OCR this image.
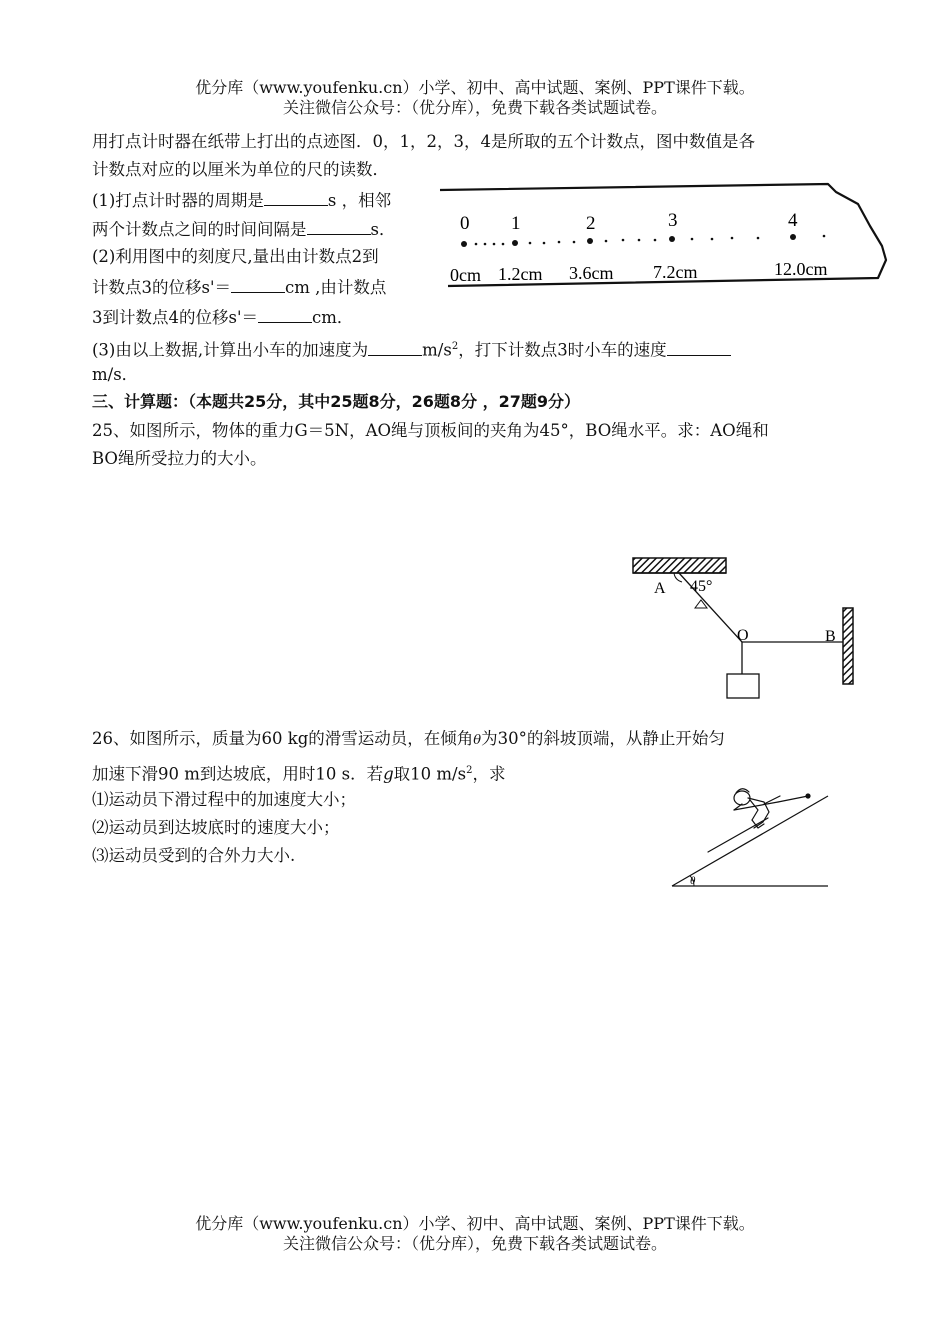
优分库（www.youfenku.cn）小学、初中、高中试题、案例、PPT课件下载。
关注微信公众号：（优分库），免费下载各类试题试卷。
用打点计时器在纸带上打出的点迹图．0，1，2，3，4是所取的五个计数点，图中数值是各
计数点对应的以厘米为单位的尺的读数．
(1)打点计时器的周期是	s ，相邻
两个计数点之间的时间间隔是	s．
(2)利用图中的刻度尺,量出由计数点2到
计数点3的位移s'＝	cm ,由计数点
3到计数点4的位移s'＝	cm．
(3)由以上数据,计算出小车的加速度为	$m/s^2$，打下计数点3时小车的速度
m/s．
0 1	2	3	4
0cm 1.2cm 3.6cm 7.2cm	12.0cm
三、计算题：（本题共25分，其中25题8分，26题8分 ，27题9分）
25、如图所示，物体的重力G＝5N，AO绳与顶板间的夹角为45°，BO绳水平。求：AO绳和
BO绳所受拉力的大小。
A 45°
O	B
26、如图所示，质量为60 kg的滑雪运动员，在倾角θ为30°的斜坡顶端，从静止开始匀
加速下滑90 m到达坡底，用时10 s．若g取10 $m/s^2$，求
⑴运动员下滑过程中的加速度大小；
⑵运动员到达坡底时的速度大小；
⑶运动员受到的合外力大小.
θ
优分库（www.youfenku.cn）小学、初中、高中试题、案例、PPT课件下载。
关注微信公众号：（优分库），免费下载各类试题试卷。
